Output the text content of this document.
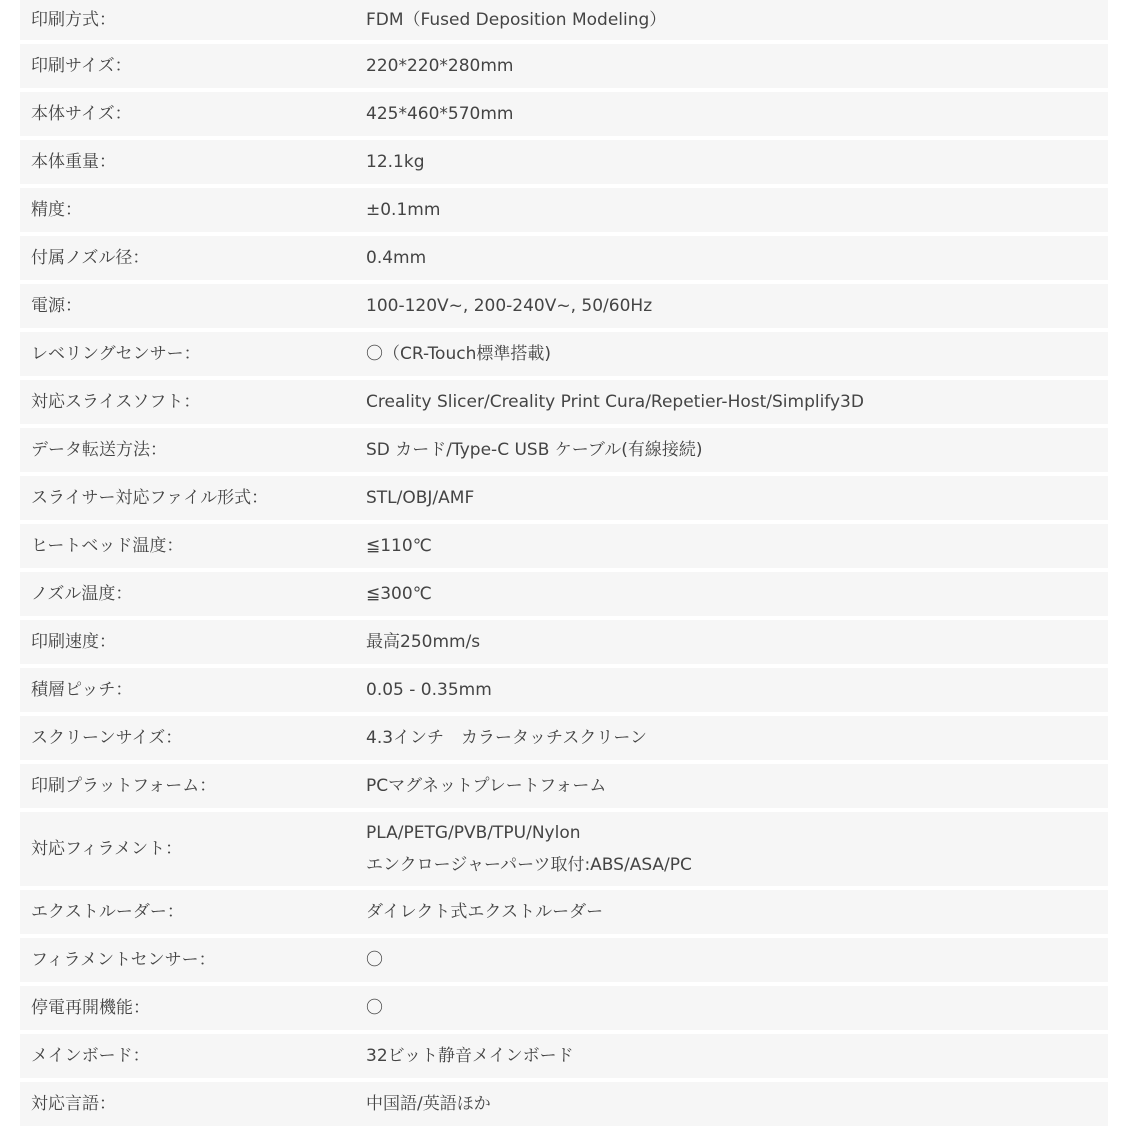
印刷方式：	FDM（Fused Deposition Modeling）
印刷サイズ：	220*220*280mm
本体サイズ：	425*460*570mm
本体重量：	12.1kg
精度：	±0.1mm
付属ノズル径：	0.4mm
電源：	100-120V~, 200-240V~, 50/60Hz
レベリングセンサー：	〇（CR-Touch標準搭載)
対応スライスソフト：	Creality Slicer/Creality Print Cura/Repetier-Host/Simplify3D
データ転送方法：	SD カード/Type-C USB ケーブル(有線接続)
スライサー対応ファイル形式：	STL/OBJ/AMF
ヒートベッド温度：	≦110℃
ノズル温度：	≦300℃
印刷速度：	最高250mm/s
積層ピッチ：	0.05 - 0.35mm
スクリーンサイズ：	4.3インチ　カラータッチスクリーン
印刷プラットフォーム：	PCマグネットプレートフォーム
対応フィラメント：	PLA/PETG/PVB/TPU/Nylon
エンクロージャーパーツ取付:ABS/ASA/PC

エクストルーダー：	ダイレクト式エクストルーダー
フィラメントセンサー：	〇
停電再開機能：	〇
メインボード：	32ビット静音メインボード
対応言語：	中国語/英語ほか
